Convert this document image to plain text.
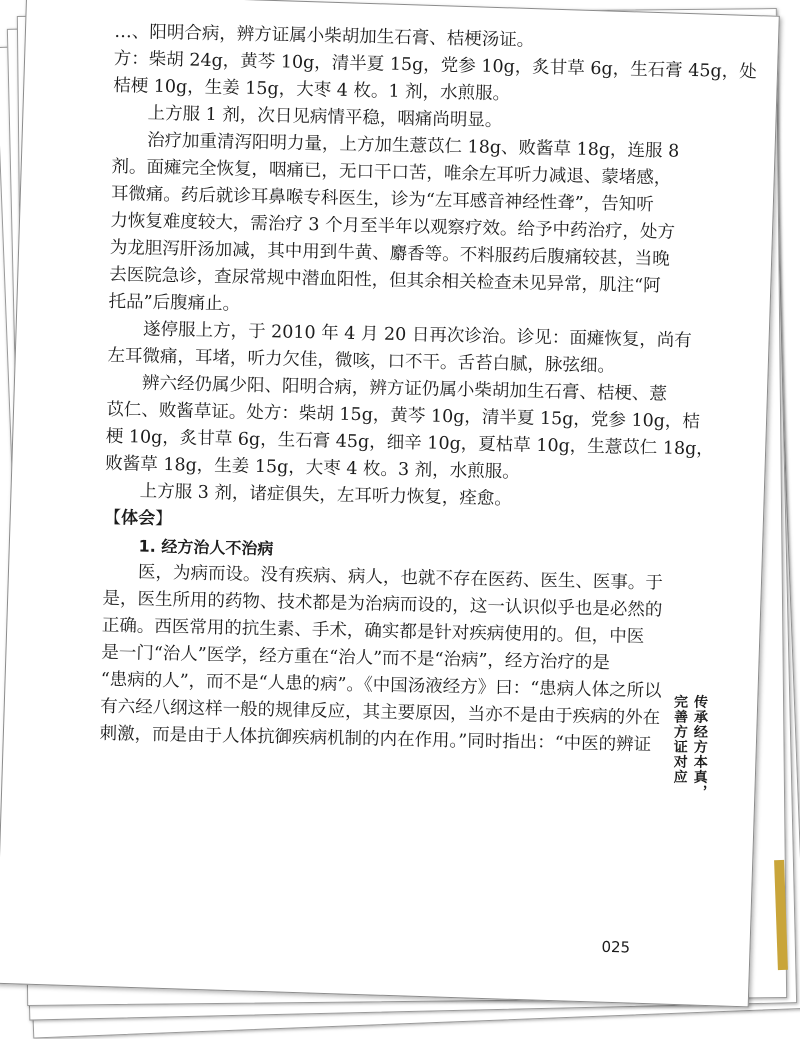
…、阳明合病，辨方证属小柴胡加生石膏、桔梗汤证。
方：柴胡 24g，黄芩 10g，清半夏 15g，党参 10g，炙甘草 6g，生石膏 45g，处
桔梗 10g，生姜 15g，大枣 4 枚。1 剂，水煎服。
上方服 1 剂，次日见病情平稳，咽痛尚明显。
治疗加重清泻阳明力量，上方加生薏苡仁 18g、败酱草 18g，连服 8
剂。面瘫完全恢复，咽痛已，无口干口苦，唯余左耳听力减退、蒙堵感，
耳微痛。药后就诊耳鼻喉专科医生，诊为“左耳感音神经性聋”，告知听
力恢复难度较大，需治疗 3 个月至半年以观察疗效。给予中药治疗，处方
为龙胆泻肝汤加减，其中用到牛黄、麝香等。不料服药后腹痛较甚，当晚
去医院急诊，查尿常规中潜血阳性，但其余相关检查未见异常，肌注“阿
托品”后腹痛止。
遂停服上方，于 2010 年 4 月 20 日再次诊治。诊见：面瘫恢复，尚有
左耳微痛，耳堵，听力欠佳，微咳，口不干。舌苔白腻，脉弦细。
辨六经仍属少阳、阳明合病，辨方证仍属小柴胡加生石膏、桔梗、薏
苡仁、败酱草证。处方：柴胡 15g，黄芩 10g，清半夏 15g，党参 10g，桔
梗 10g，炙甘草 6g，生石膏 45g，细辛 10g，夏枯草 10g，生薏苡仁 18g，
败酱草 18g，生姜 15g，大枣 4 枚。3 剂，水煎服。
上方服 3 剂，诸症俱失，左耳听力恢复，痊愈。
【体会】
1. 经方治人不治病
医，为病而设。没有疾病、病人，也就不存在医药、医生、医事。于
是，医生所用的药物、技术都是为治病而设的，这一认识似乎也是必然的
正确。西医常用的抗生素、手术，确实都是针对疾病使用的。但，中医
是一门“治人”医学，经方重在“治人”而不是“治病”，经方治疗的是
“患病的人”，而不是“人患的病”。《中国汤液经方》曰：“患病人体之所以
有六经八纲这样一般的规律反应，其主要原因，当亦不是由于疾病的外在
刺激，而是由于人体抗御疾病机制的内在作用。”同时指出：“中医的辨证	传承经方本真，
完善方证对应
025
